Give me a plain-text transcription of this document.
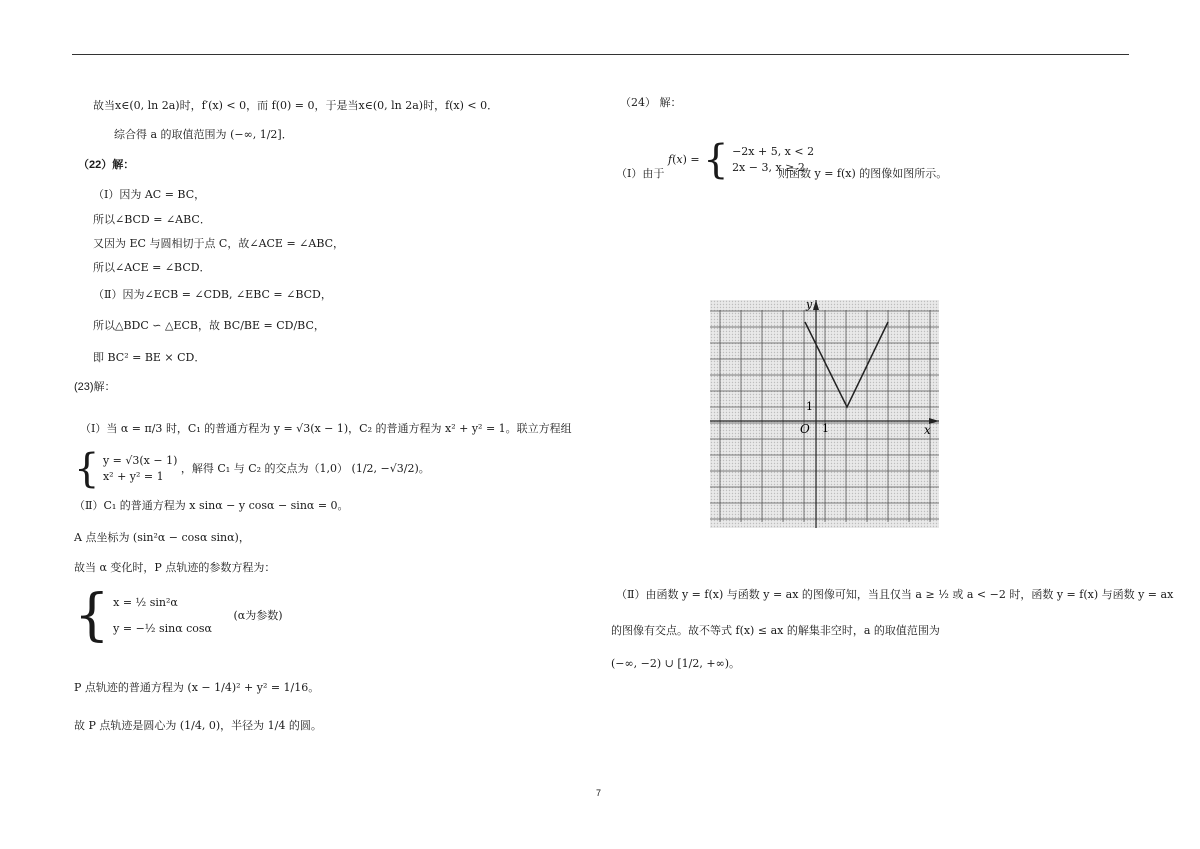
故当x∈(0, ln 2a)时，f′(x) < 0，而 f(0) = 0，于是当x∈(0, ln 2a)时，f(x) < 0．
综合得 a 的取值范围为 (−∞, 1/2]．
（22）解：
（Ⅰ）因为 AC = BC，
所以∠BCD = ∠ABC．
又因为 EC 与圆相切于点 C，故∠ACE = ∠ABC，
所以∠ACE = ∠BCD．
（Ⅱ）因为∠ECB = ∠CDB, ∠EBC = ∠BCD，
所以△BDC ∽ △ECB，故 BC/BE = CD/BC，
即 BC² = BE × CD．
(23)解：
（Ⅰ）当 α = π/3 时，C₁ 的普通方程为 y = √3(x − 1)，C₂ 的普通方程为 x² + y² = 1。联立方程组
{ y = √3(x − 1)
x² + y² = 1
，解得 C₁ 与 C₂ 的交点为（1,0） (1/2, −√3/2)。
（Ⅱ）C₁ 的普通方程为 x sinα − y cosα − sinα = 0。
A 点坐标为 (sin²α − cosα sinα)，
故当 α 变化时，P 点轨迹的参数方程为：
{ x = ½ sin²α
y = −½ sinα cosα
(α为参数)
P 点轨迹的普通方程为 (x − 1/4)² + y² = 1/16。
故 P 点轨迹是圆心为 (1/4, 0)，半径为 1/4 的圆。
（24） 解：
f(x) = { −2x + 5, x < 2
2x − 3, x ≥ 2
（Ⅰ）由于	则函数 y = f(x) 的图像如图所示。
y
x
O 1
1
（Ⅱ）由函数 y = f(x) 与函数 y = ax 的图像可知，当且仅当 a ≥ ½ 或 a < −2 时，函数 y = f(x) 与函数 y = ax
的图像有交点。故不等式 f(x) ≤ ax 的解集非空时，a 的取值范围为
(−∞, −2) ∪ [1/2, +∞)。
7
